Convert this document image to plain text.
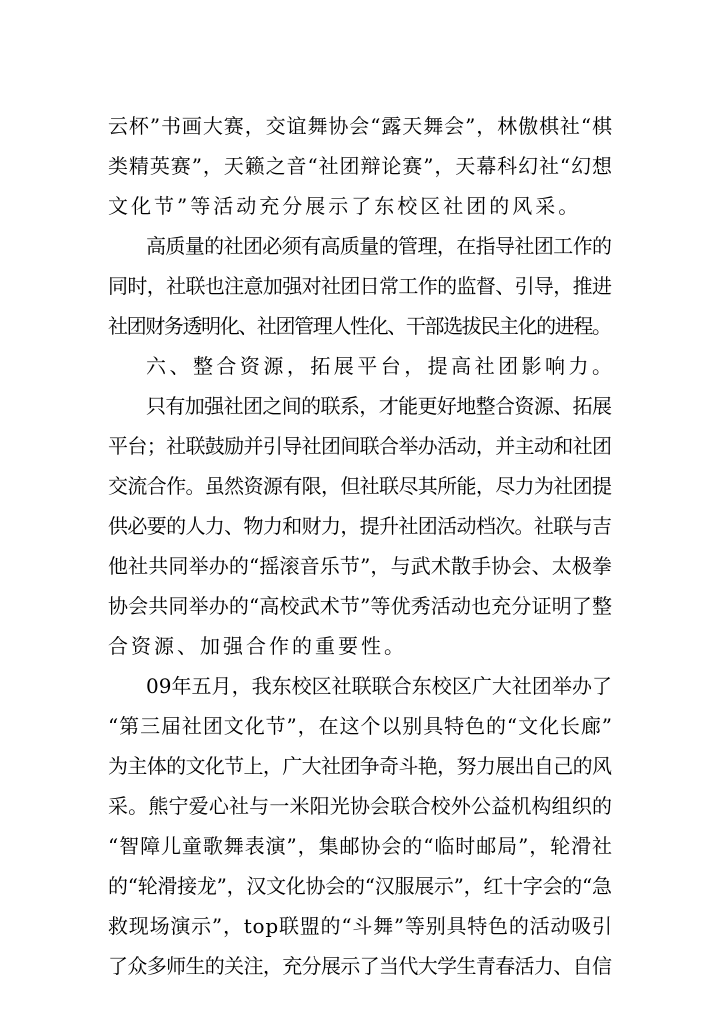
云杯”书画大赛，交谊舞协会“露天舞会”，林傲棋社“棋

类精英赛”，天籁之音“社团辩论赛”，天幕科幻社“幻想

文化节”等活动充分展示了东校区社团的风采。

高质量的社团必须有高质量的管理，在指导社团工作的

同时，社联也注意加强对社团日常工作的监督、引导，推进

社团财务透明化、社团管理人性化、干部选拔民主化的进程。

六、整合资源，拓展平台，提高社团影响力。

只有加强社团之间的联系，才能更好地整合资源、拓展

平台；社联鼓励并引导社团间联合举办活动，并主动和社团

交流合作。虽然资源有限，但社联尽其所能，尽力为社团提

供必要的人力、物力和财力，提升社团活动档次。社联与吉

他社共同举办的“摇滚音乐节”，与武术散手协会、太极拳

协会共同举办的“高校武术节”等优秀活动也充分证明了整

合资源、加强合作的重要性。

09年五月，我东校区社联联合东校区广大社团举办了

“第三届社团文化节”，在这个以别具特色的“文化长廊”

为主体的文化节上，广大社团争奇斗艳，努力展出自己的风

采。熊宁爱心社与一米阳光协会联合校外公益机构组织的

“智障儿童歌舞表演”，集邮协会的“临时邮局”，轮滑社

的“轮滑接龙”，汉文化协会的“汉服展示”，红十字会的“急

救现场演示”，top联盟的“斗舞”等别具特色的活动吸引

了众多师生的关注，充分展示了当代大学生青春活力、自信
